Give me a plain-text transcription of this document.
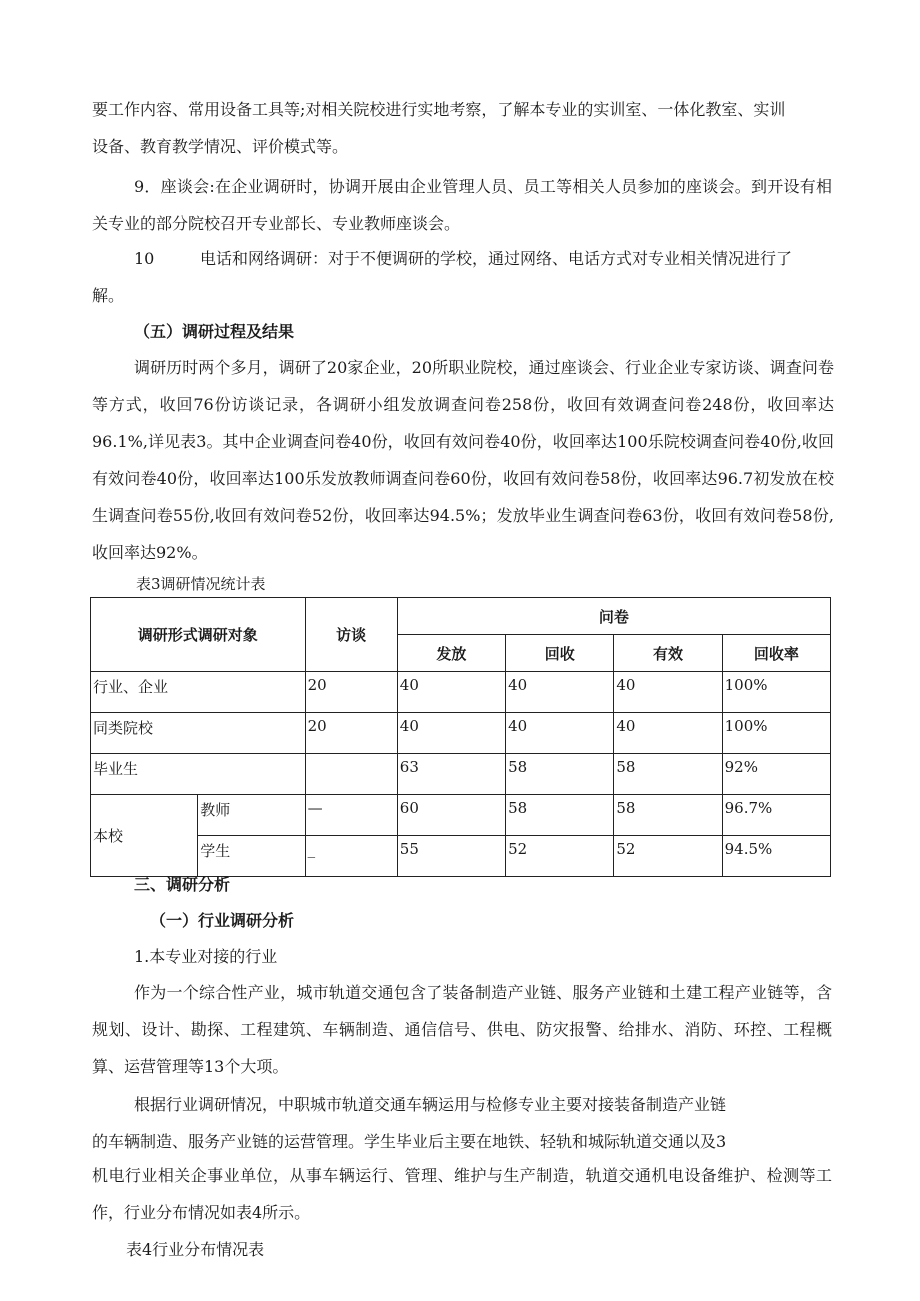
要工作内容、常用设备工具等;对相关院校进行实地考察，了解本专业的实训室、一体化教室、实训

设备、教育教学情况、评价模式等。

9．座谈会:在企业调研时，协调开展由企业管理人员、员工等相关人员参加的座谈会。到开设有相关专业的部分院校召开专业部长、专业教师座谈会。

10	电话和网络调研：对于不便调研的学校，通过网络、电话方式对专业相关情况进行了

解。

（五）调研过程及结果

调研历时两个多月，调研了20家企业，20所职业院校，通过座谈会、行业企业专家访谈、调查问卷等方式，收回76份访谈记录，各调研小组发放调查问卷258份，收回有效调查问卷248份，收回率达96.1%,详见表3。其中企业调查问卷40份，收回有效问卷40份，收回率达100乐院校调查问卷40份,收回有效问卷40份，收回率达100乐发放教师调查问卷60份，收回有效问卷58份，收回率达96.7初发放在校生调查问卷55份,收回有效问卷52份，收回率达94.5%；发放毕业生调查问卷63份，收回有效问卷58份,收回率达92%。

表3调研情况统计表

调研形式调研对象		访谈	问卷			
			发放	回收	有效	回收率
行业、企业		20	40	40	40	100%
同类院校		20	40	40	40	100%
毕业生			63	58	58	92%
本校	教师	—	60	58	58	96.7%
	学生	_	55	52	52	94.5%

三、调研分析

（一）行业调研分析

1.本专业对接的行业

作为一个综合性产业，城市轨道交通包含了装备制造产业链、服务产业链和土建工程产业链等，含规划、设计、勘探、工程建筑、车辆制造、通信信号、供电、防灾报警、给排水、消防、环控、工程概算、运营管理等13个大项。

根据行业调研情况，中职城市轨道交通车辆运用与检修专业主要对接装备制造产业链

的车辆制造、服务产业链的运营管理。学生毕业后主要在地铁、轻轨和城际轨道交通以及3

机电行业相关企事业单位，从事车辆运行、管理、维护与生产制造，轨道交通机电设备维护、检测等工作，行业分布情况如表4所示。

表4行业分布情况表
